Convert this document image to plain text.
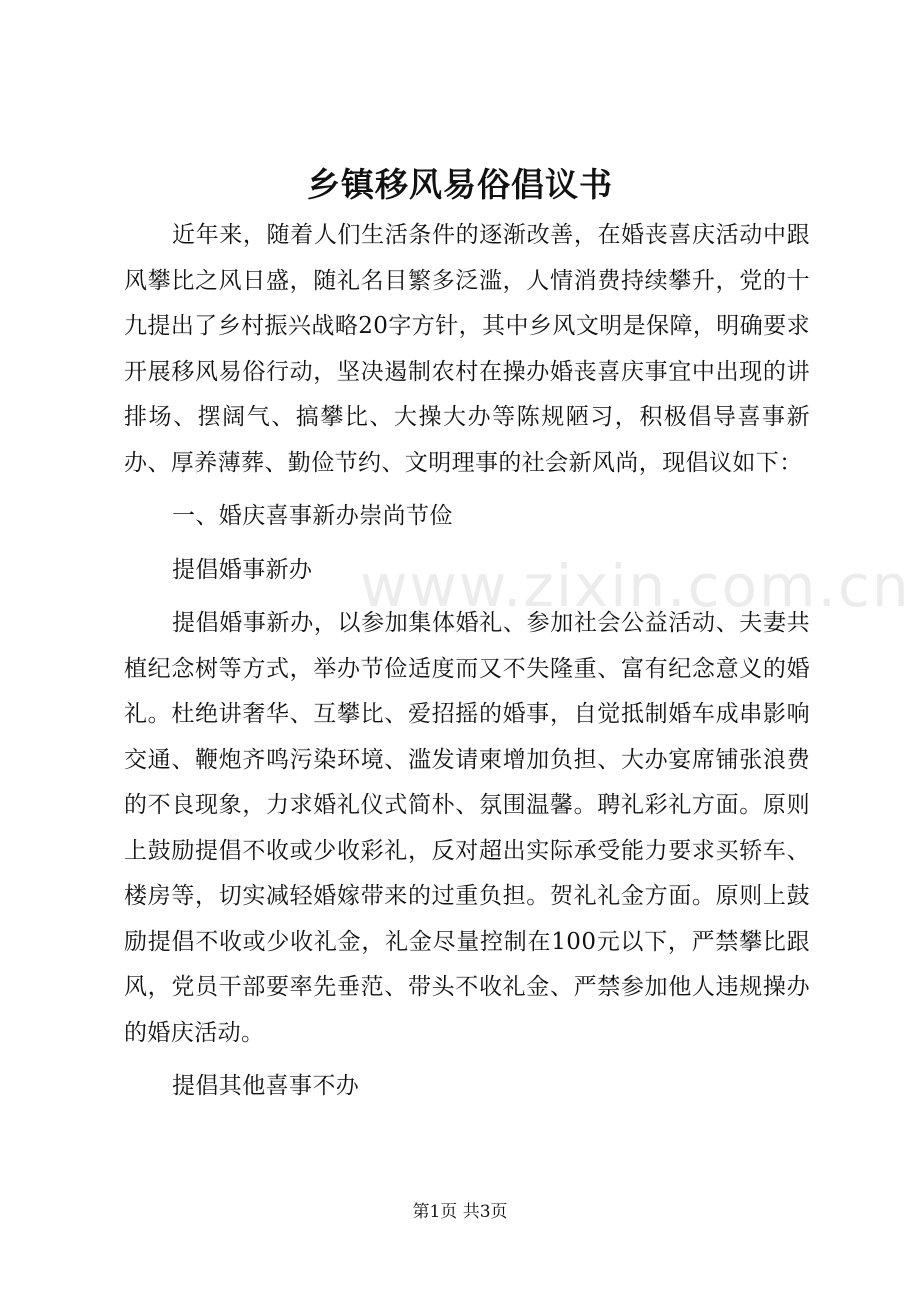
乡镇移风易俗倡议书

近年来，随着人们生活条件的逐渐改善，在婚丧喜庆活动中跟风攀比之风日盛，随礼名目繁多泛滥，人情消费持续攀升，党的十九提出了乡村振兴战略20字方针，其中乡风文明是保障，明确要求开展移风易俗行动，坚决遏制农村在操办婚丧喜庆事宜中出现的讲排场、摆阔气、搞攀比、大操大办等陈规陋习，积极倡导喜事新办、厚养薄葬、勤俭节约、文明理事的社会新风尚，现倡议如下：

一、婚庆喜事新办崇尚节俭

提倡婚事新办

提倡婚事新办，以参加集体婚礼、参加社会公益活动、夫妻共植纪念树等方式，举办节俭适度而又不失隆重、富有纪念意义的婚礼。杜绝讲奢华、互攀比、爱招摇的婚事，自觉抵制婚车成串影响交通、鞭炮齐鸣污染环境、滥发请柬增加负担、大办宴席铺张浪费的不良现象，力求婚礼仪式简朴、氛围温馨。聘礼彩礼方面。原则上鼓励提倡不收或少收彩礼，反对超出实际承受能力要求买轿车、楼房等，切实减轻婚嫁带来的过重负担。贺礼礼金方面。原则上鼓励提倡不收或少收礼金，礼金尽量控制在100元以下，严禁攀比跟风，党员干部要率先垂范、带头不收礼金、严禁参加他人违规操办的婚庆活动。

提倡其他喜事不办

www.zixin.com.cn
第1页 共3页
